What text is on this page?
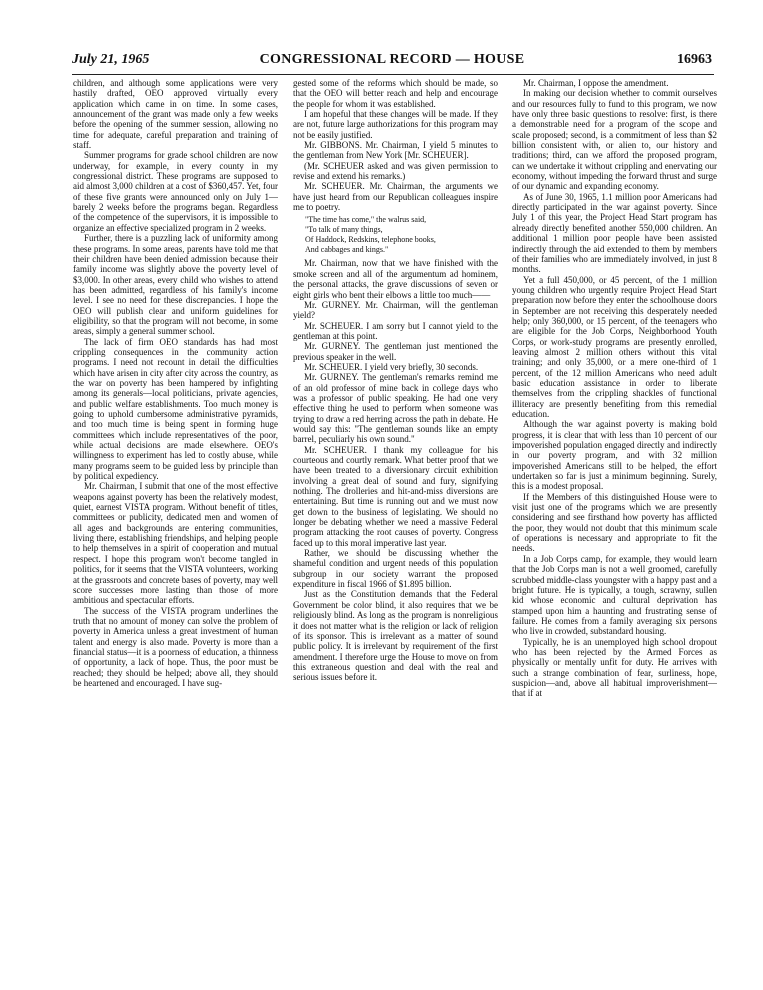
CONGRESSIONAL RECORD — HOUSE
July 21, 1965	16963

children, and although some applications were very hastily drafted, OEO approved virtually every application which came in on time. In some cases, announcement of the grant was made only a few weeks before the opening of the summer session, allowing no time for adequate, careful preparation and training of staff.

Summer programs for grade school children are now underway, for example, in every county in my congressional district. These programs are supposed to aid almost 3,000 children at a cost of $360,457. Yet, four of these five grants were announced only on July 1—barely 2 weeks before the programs began. Regardless of the competence of the supervisors, it is impossible to organize an effective specialized program in 2 weeks.

Further, there is a puzzling lack of uniformity among these programs. In some areas, parents have told me that their children have been denied admission because their family income was slightly above the poverty level of $3,000. In other areas, every child who wishes to attend has been admitted, regardless of his family's income level. I see no need for these discrepancies. I hope the OEO will publish clear and uniform guidelines for eligibility, so that the program will not become, in some areas, simply a general summer school.

The lack of firm OEO standards has had most crippling consequences in the community action programs. I need not recount in detail the difficulties which have arisen in city after city across the country, as the war on poverty has been hampered by infighting among its generals—local politicians, private agencies, and public welfare establishments. Too much money is going to uphold cumbersome administrative pyramids, and too much time is being spent in forming huge committees which include representatives of the poor, while actual decisions are made elsewhere. OEO's willingness to experiment has led to costly abuse, while many programs seem to be guided less by principle than by political expediency.

Mr. Chairman, I submit that one of the most effective weapons against poverty has been the relatively modest, quiet, earnest VISTA program. Without benefit of titles, committees or publicity, dedicated men and women of all ages and backgrounds are entering communities, living there, establishing friendships, and helping people to help themselves in a spirit of cooperation and mutual respect. I hope this program won't become tangled in politics, for it seems that the VISTA volunteers, working at the grassroots and concrete bases of poverty, may well score successes more lasting than those of more ambitious and spectacular efforts.

The success of the VISTA program underlines the truth that no amount of money can solve the problem of poverty in America unless a great investment of human talent and energy is also made. Poverty is more than a financial status—it is a poorness of education, a thinness of opportunity, a lack of hope. Thus, the poor must be reached; they should be helped; above all, they should be heartened and encouraged. I have sug-

gested some of the reforms which should be made, so that the OEO will better reach and help and encourage the people for whom it was established.

I am hopeful that these changes will be made. If they are not, future large authorizations for this program may not be easily justified.

Mr. GIBBONS. Mr. Chairman, I yield 5 minutes to the gentleman from New York [Mr. SCHEUER].

(Mr. SCHEUER asked and was given permission to revise and extend his remarks.)

Mr. SCHEUER. Mr. Chairman, the arguments we have just heard from our Republican colleagues inspire me to poetry.

"The time has come," the walrus said,
"To talk of many things,
Of Haddock, Redskins, telephone books,
And cabbages and kings."

Mr. Chairman, now that we have finished with the smoke screen and all of the argumentum ad hominem, the personal attacks, the grave discussions of seven or eight girls who bent their elbows a little too much——

Mr. GURNEY. Mr. Chairman, will the gentleman yield?

Mr. SCHEUER. I am sorry but I cannot yield to the gentleman at this point.

Mr. GURNEY. The gentleman just mentioned the previous speaker in the well.

Mr. SCHEUER. I yield very briefly, 30 seconds.

Mr. GURNEY. The gentleman's remarks remind me of an old professor of mine back in college days who was a professor of public speaking. He had one very effective thing he used to perform when someone was trying to draw a red herring across the path in debate. He would say this: "The gentleman sounds like an empty barrel, peculiarly his own sound."

Mr. SCHEUER. I thank my colleague for his courteous and courtly remark. What better proof that we have been treated to a diversionary circuit exhibition involving a great deal of sound and fury, signifying nothing. The drolleries and hit-and-miss diversions are entertaining. But time is running out and we must now get down to the business of legislating. We should no longer be debating whether we need a massive Federal program attacking the root causes of poverty. Congress faced up to this moral imperative last year.

Rather, we should be discussing whether the shameful condition and urgent needs of this population subgroup in our society warrant the proposed expenditure in fiscal 1966 of $1.895 billion.

Just as the Constitution demands that the Federal Government be color blind, it also requires that we be religiously blind. As long as the program is nonreligious it does not matter what is the religion or lack of religion of its sponsor. This is irrelevant as a matter of sound public policy. It is irrelevant by requirement of the first amendment. I therefore urge the House to move on from this extraneous question and deal with the real and serious issues before it.

Mr. Chairman, I oppose the amendment.

In making our decision whether to commit ourselves and our resources fully to fund to this program, we now have only three basic questions to resolve: first, is there a demonstrable need for a program of the scope and scale proposed; second, is a commitment of less than $2 billion consistent with, or alien to, our history and traditions; third, can we afford the proposed program, can we undertake it without crippling and enervating our economy, without impeding the forward thrust and surge of our dynamic and expanding economy.

As of June 30, 1965, 1.1 million poor Americans had directly participated in the war against poverty. Since July 1 of this year, the Project Head Start program has already directly benefited another 550,000 children. An additional 1 million poor people have been assisted indirectly through the aid extended to them by members of their families who are immediately involved, in just 8 months.

Yet a full 450,000, or 45 percent, of the 1 million young children who urgently require Project Head Start preparation now before they enter the schoolhouse doors in September are not receiving this desperately needed help; only 360,000, or 15 percent, of the teenagers who are eligible for the Job Corps, Neighborhood Youth Corps, or work-study programs are presently enrolled, leaving almost 2 million others without this vital training; and only 35,000, or a mere one-third of 1 percent, of the 12 million Americans who need adult basic education assistance in order to liberate themselves from the crippling shackles of functional illiteracy are presently benefiting from this remedial education.

Although the war against poverty is making bold progress, it is clear that with less than 10 percent of our impoverished population engaged directly and indirectly in our poverty program, and with 32 million impoverished Americans still to be helped, the effort undertaken so far is just a minimum beginning. Surely, this is a modest proposal.

If the Members of this distinguished House were to visit just one of the programs which we are presently considering and see firsthand how poverty has afflicted the poor, they would not doubt that this minimum scale of operations is necessary and appropriate to fit the needs.

In a Job Corps camp, for example, they would learn that the Job Corps man is not a well groomed, carefully scrubbed middle-class youngster with a happy past and a bright future. He is typically, a tough, scrawny, sullen kid whose economic and cultural deprivation has stamped upon him a haunting and frustrating sense of failure. He comes from a family averaging six persons who live in crowded, substandard housing.

Typically, he is an unemployed high school dropout who has been rejected by the Armed Forces as physically or mentally unfit for duty. He arrives with such a strange combination of fear, surliness, hope, suspicion—and, above all habitual improverishment—that if at
